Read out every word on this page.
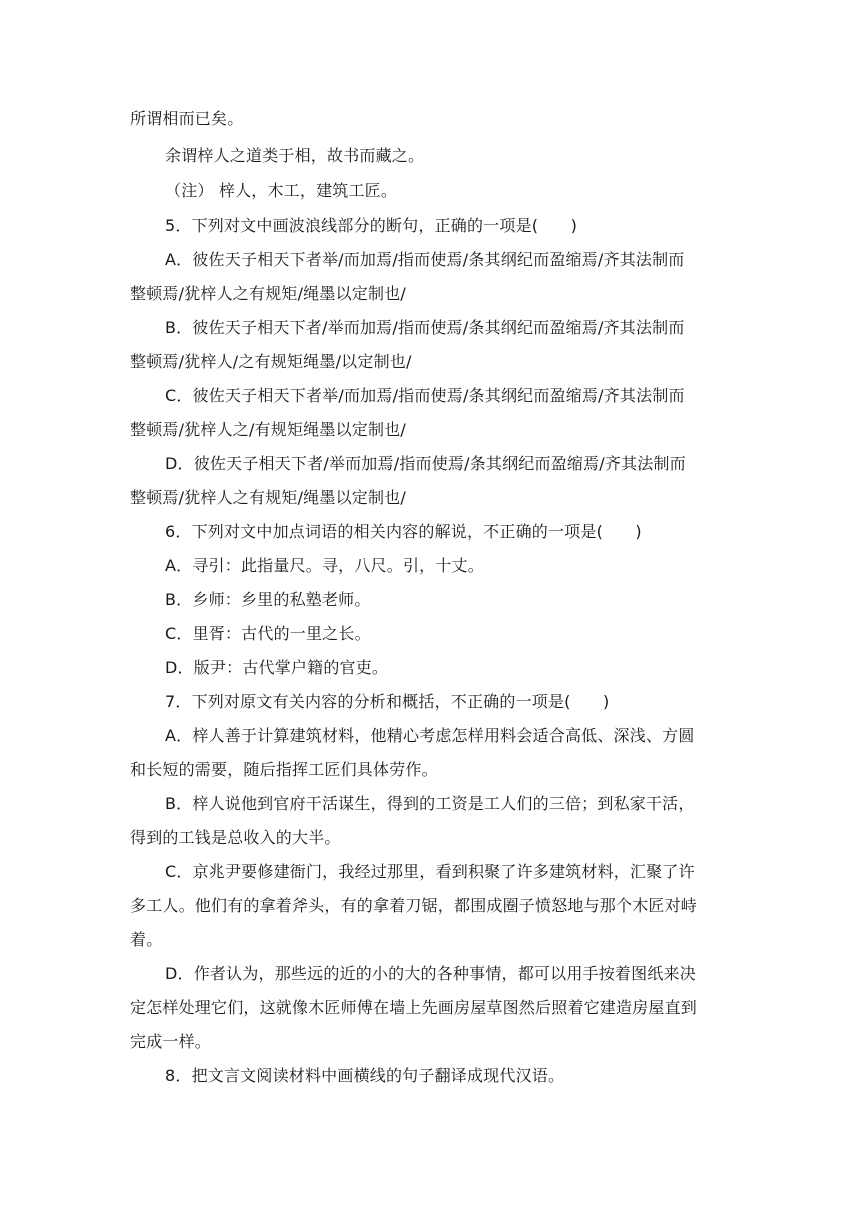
所谓相而已矣。
余谓梓人之道类于相，故书而藏之。
（注） 梓人，木工，建筑工匠。
5．下列对文中画波浪线部分的断句，正确的一项是(　　)
A．彼佐天子相天下者举/而加焉/指而使焉/条其纲纪而盈缩焉/齐其法制而
整顿焉/犹梓人之有规矩/绳墨以定制也/
B．彼佐天子相天下者/举而加焉/指而使焉/条其纲纪而盈缩焉/齐其法制而
整顿焉/犹梓人/之有规矩绳墨/以定制也/
C．彼佐天子相天下者举/而加焉/指而使焉/条其纲纪而盈缩焉/齐其法制而
整顿焉/犹梓人之/有规矩绳墨以定制也/
D．彼佐天子相天下者/举而加焉/指而使焉/条其纲纪而盈缩焉/齐其法制而
整顿焉/犹梓人之有规矩/绳墨以定制也/
6．下列对文中加点词语的相关内容的解说，不正确的一项是(　　)
A．寻引：此指量尺。寻，八尺。引，十丈。
B．乡师：乡里的私塾老师。
C．里胥：古代的一里之长。
D．版尹：古代掌户籍的官吏。
7．下列对原文有关内容的分析和概括，不正确的一项是(　　)
A．梓人善于计算建筑材料，他精心考虑怎样用料会适合高低、深浅、方圆
和长短的需要，随后指挥工匠们具体劳作。
B．梓人说他到官府干活谋生，得到的工资是工人们的三倍；到私家干活，
得到的工钱是总收入的大半。
C．京兆尹要修建衙门，我经过那里，看到积聚了许多建筑材料，汇聚了许
多工人。他们有的拿着斧头，有的拿着刀锯，都围成圈子愤怒地与那个木匠对峙
着。
D．作者认为，那些远的近的小的大的各种事情，都可以用手按着图纸来决
定怎样处理它们，这就像木匠师傅在墙上先画房屋草图然后照着它建造房屋直到
完成一样。
8．把文言文阅读材料中画横线的句子翻译成现代汉语。
